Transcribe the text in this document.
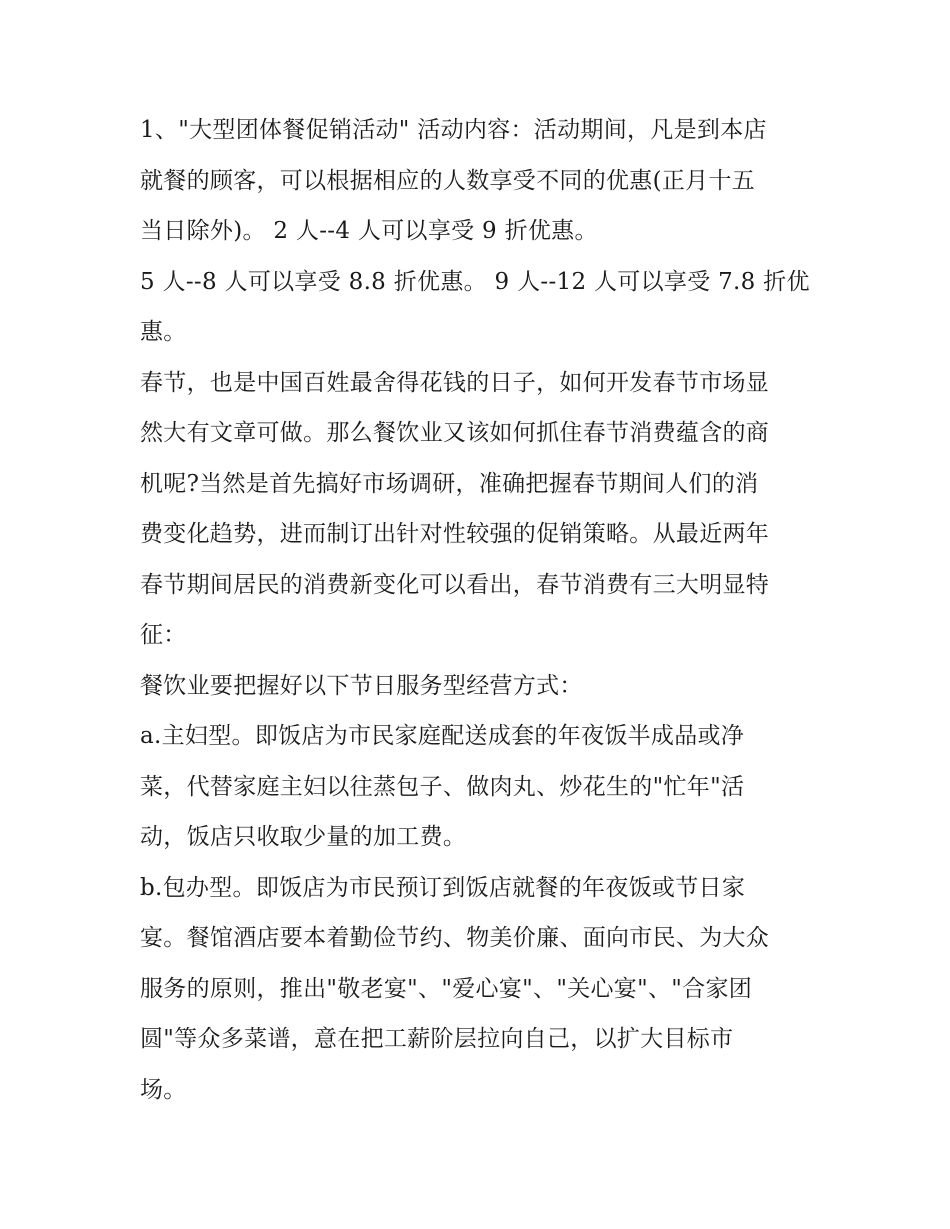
1、"大型团体餐促销活动" 活动内容：活动期间，凡是到本店
就餐的顾客，可以根据相应的人数享受不同的优惠(正月十五
当日除外)。 2 人--4 人可以享受 9 折优惠。

5 人--8 人可以享受 8.8 折优惠。 9 人--12 人可以享受 7.8 折优
惠。

春节，也是中国百姓最舍得花钱的日子，如何开发春节市场显
然大有文章可做。那么餐饮业又该如何抓住春节消费蕴含的商
机呢?当然是首先搞好市场调研，准确把握春节期间人们的消
费变化趋势，进而制订出针对性较强的促销策略。从最近两年
春节期间居民的消费新变化可以看出，春节消费有三大明显特
征：

餐饮业要把握好以下节日服务型经营方式：

a.主妇型。即饭店为市民家庭配送成套的年夜饭半成品或净
菜，代替家庭主妇以往蒸包子、做肉丸、炒花生的"忙年"活
动，饭店只收取少量的加工费。

b.包办型。即饭店为市民预订到饭店就餐的年夜饭或节日家
宴。餐馆酒店要本着勤俭节约、物美价廉、面向市民、为大众
服务的原则，推出"敬老宴"、"爱心宴"、"关心宴"、"合家团
圆"等众多菜谱，意在把工薪阶层拉向自己，以扩大目标市
场。
